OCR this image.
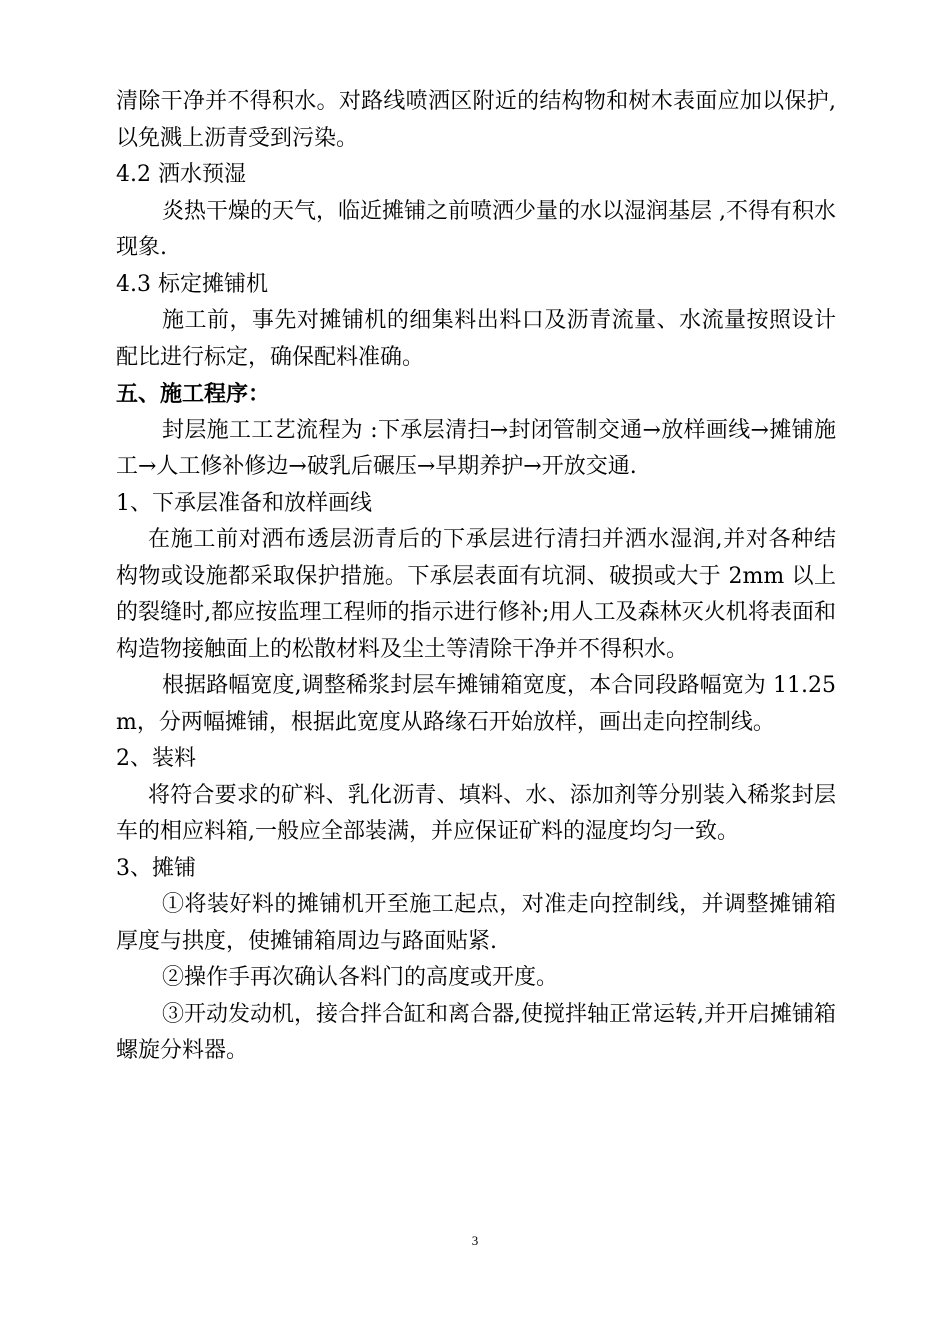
清除干净并不得积水。对路线喷洒区附近的结构物和树木表面应加以保护,以免溅上沥青受到污染。

4.2 洒水预湿

炎热干燥的天气，临近摊铺之前喷洒少量的水以湿润基层 ,不得有积水现象.

4.3 标定摊铺机

施工前，事先对摊铺机的细集料出料口及沥青流量、水流量按照设计配比进行标定，确保配料准确。

五、施工程序：

封层施工工艺流程为 :下承层清扫→封闭管制交通→放样画线→摊铺施工→人工修补修边→破乳后碾压→早期养护→开放交通.

1、下承层准备和放样画线

在施工前对洒布透层沥青后的下承层进行清扫并洒水湿润,并对各种结构物或设施都采取保护措施。下承层表面有坑洞、破损或大于 2mm 以上的裂缝时,都应按监理工程师的指示进行修补;用人工及森林灭火机将表面和构造物接触面上的松散材料及尘土等清除干净并不得积水。

根据路幅宽度,调整稀浆封层车摊铺箱宽度，本合同段路幅宽为 11.25m，分两幅摊铺，根据此宽度从路缘石开始放样，画出走向控制线。

2、装料

将符合要求的矿料、乳化沥青、填料、水、添加剂等分别装入稀浆封层车的相应料箱,一般应全部装满，并应保证矿料的湿度均匀一致。

3、摊铺

①将装好料的摊铺机开至施工起点，对准走向控制线，并调整摊铺箱厚度与拱度，使摊铺箱周边与路面贴紧.

②操作手再次确认各料门的高度或开度。

③开动发动机，接合拌合缸和离合器,使搅拌轴正常运转,并开启摊铺箱螺旋分料器。

3
